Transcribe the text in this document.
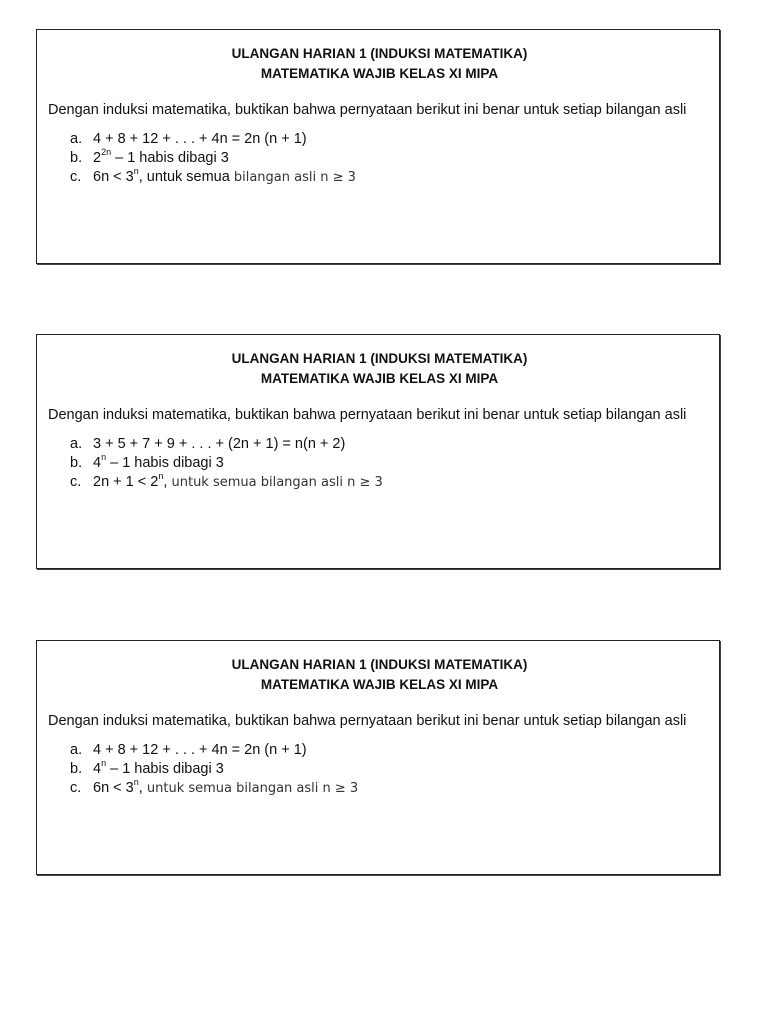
ULANGAN HARIAN 1 (INDUKSI MATEMATIKA)
MATEMATIKA WAJIB KELAS XI MIPA

Dengan induksi matematika, buktikan bahwa pernyataan berikut ini benar untuk setiap bilangan asli

a. 4 + 8 + 12 + . . . + 4n = 2n (n + 1)
b. $2^{2n} - 1$ habis dibagi 3
c. $6n < 3^n$, untuk semua bilangan asli n ≥ 3

ULANGAN HARIAN 1 (INDUKSI MATEMATIKA)
MATEMATIKA WAJIB KELAS XI MIPA

Dengan induksi matematika, buktikan bahwa pernyataan berikut ini benar untuk setiap bilangan asli

a. 3 + 5 + 7 + 9 + . . . + (2n + 1) = n(n + 2)
b. 4$^n$ – 1 habis dibagi 3
c. $2n + 1 < 2^n$, untuk semua bilangan asli n ≥ 3

ULANGAN HARIAN 1 (INDUKSI MATEMATIKA)
MATEMATIKA WAJIB KELAS XI MIPA

Dengan induksi matematika, buktikan bahwa pernyataan berikut ini benar untuk setiap bilangan asli

a. 4 + 8 + 12 + . . . + 4n = 2n (n + 1)
b. 4$^n$ – 1 habis dibagi 3
c. $6n < 3^n$, untuk semua bilangan asli n ≥ 3
